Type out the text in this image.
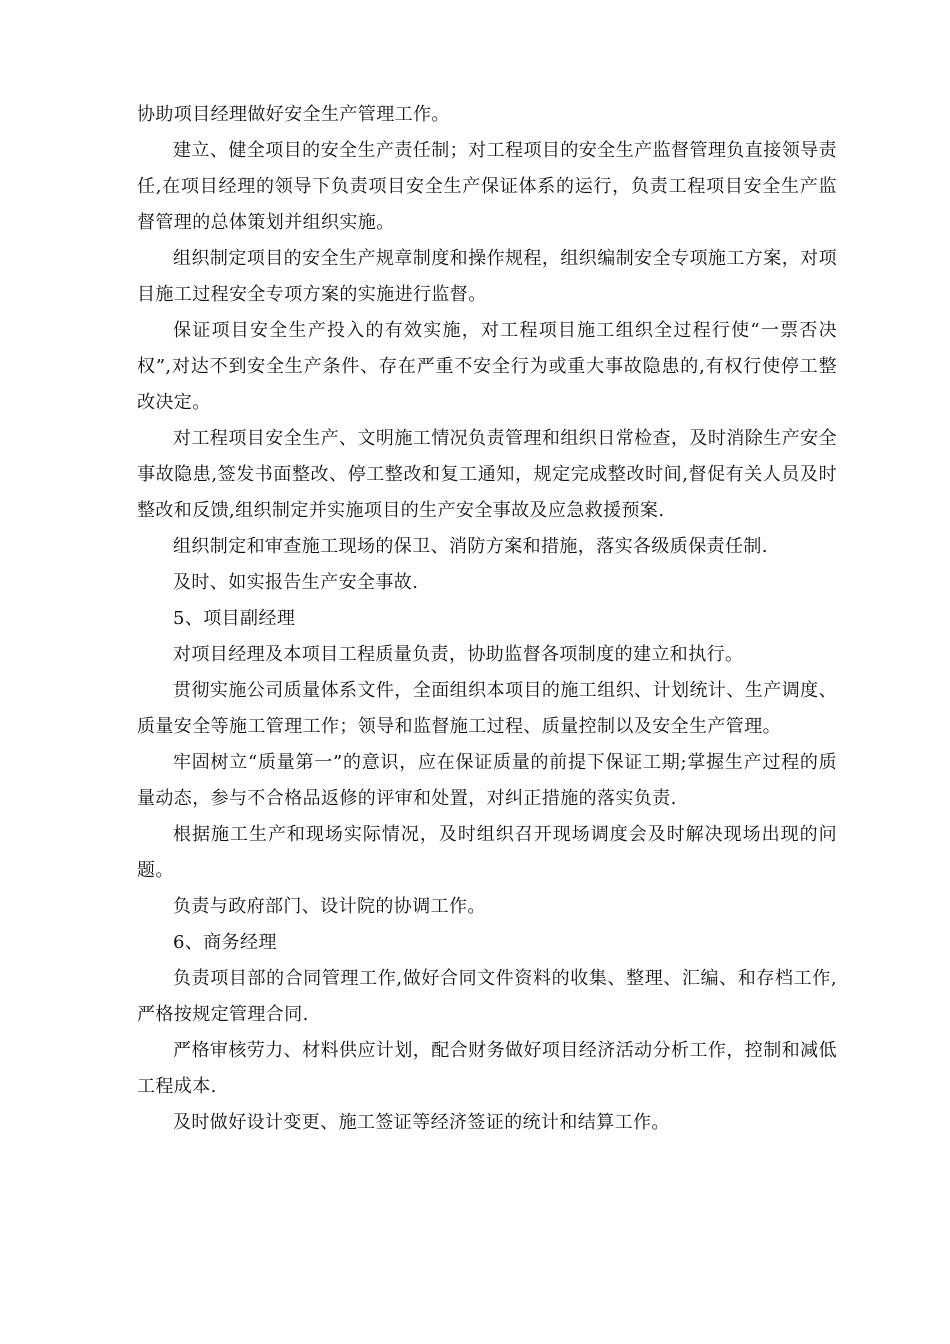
协助项目经理做好安全生产管理工作。

建立、健全项目的安全生产责任制；对工程项目的安全生产监督管理负直接领导责任,在项目经理的领导下负责项目安全生产保证体系的运行，负责工程项目安全生产监督管理的总体策划并组织实施。

组织制定项目的安全生产规章制度和操作规程，组织编制安全专项施工方案，对项目施工过程安全专项方案的实施进行监督。

保证项目安全生产投入的有效实施，对工程项目施工组织全过程行使“一票否决权”,对达不到安全生产条件、存在严重不安全行为或重大事故隐患的,有权行使停工整改决定。

对工程项目安全生产、文明施工情况负责管理和组织日常检查，及时消除生产安全事故隐患,签发书面整改、停工整改和复工通知，规定完成整改时间,督促有关人员及时整改和反馈,组织制定并实施项目的生产安全事故及应急救援预案.

组织制定和审查施工现场的保卫、消防方案和措施，落实各级质保责任制.

及时、如实报告生产安全事故.

5、项目副经理

对项目经理及本项目工程质量负责，协助监督各项制度的建立和执行。

贯彻实施公司质量体系文件，全面组织本项目的施工组织、计划统计、生产调度、质量安全等施工管理工作；领导和监督施工过程、质量控制以及安全生产管理。

牢固树立“质量第一”的意识，应在保证质量的前提下保证工期;掌握生产过程的质量动态，参与不合格品返修的评审和处置，对纠正措施的落实负责.

根据施工生产和现场实际情况，及时组织召开现场调度会及时解决现场出现的问题。

负责与政府部门、设计院的协调工作。

6、商务经理

负责项目部的合同管理工作,做好合同文件资料的收集、整理、汇编、和存档工作,严格按规定管理合同.

严格审核劳力、材料供应计划，配合财务做好项目经济活动分析工作，控制和减低工程成本.

及时做好设计变更、施工签证等经济签证的统计和结算工作。
